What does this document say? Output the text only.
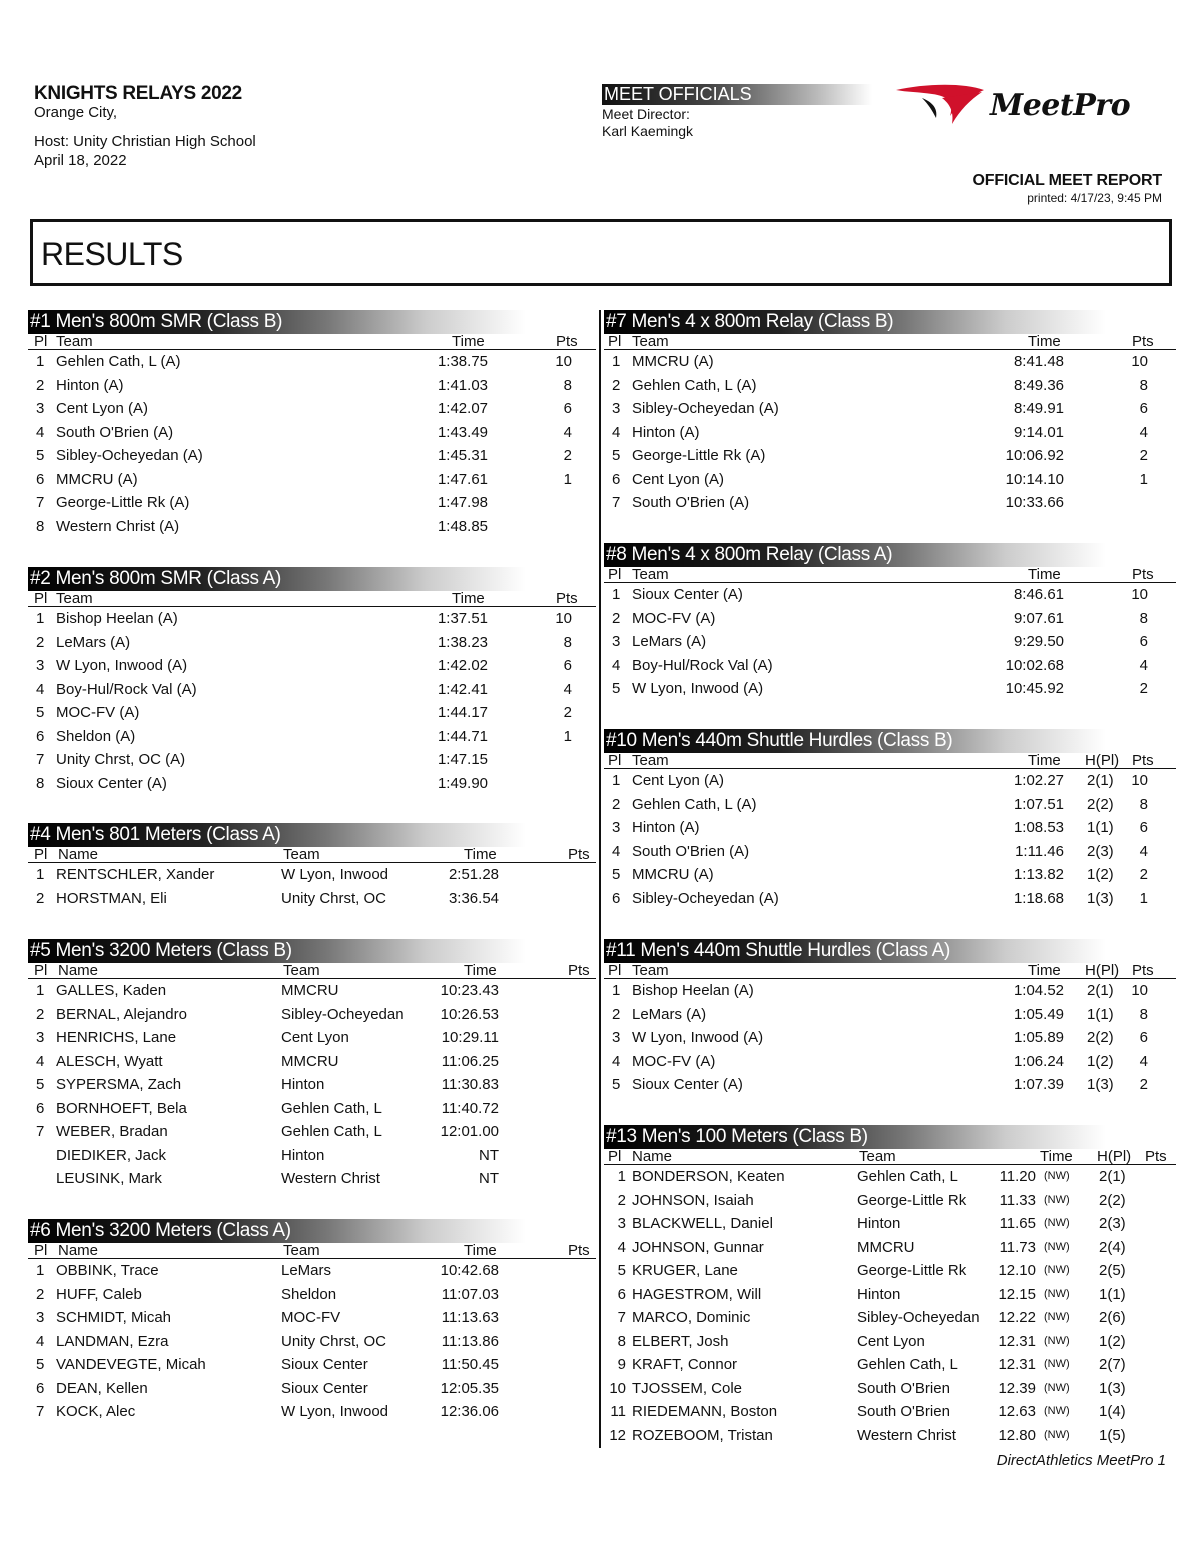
KNIGHTS RELAYS 2022
Orange City,
Host: Unity Christian High School
April 18, 2022
MEET OFFICIALS
Meet Director:
Karl Kaemingk
MeetPro
OFFICIAL MEET REPORT
printed: 4/17/23, 9:45 PM
RESULTS
#1 Men's 800m SMR (Class B)
Pl Team	Time	Pts
1 Gehlen Cath, L (A)	1:38.75	10
2 Hinton (A)	1:41.03	8
3 Cent Lyon (A)	1:42.07	6
4 South O'Brien (A)	1:43.49	4
5 Sibley-Ocheyedan (A)	1:45.31	2
6 MMCRU (A)	1:47.61	1
7 George-Little Rk (A)	1:47.98
8 Western Christ (A)	1:48.85
#2 Men's 800m SMR (Class A)
Pl Team	Time	Pts
1 Bishop Heelan (A)	1:37.51	10
2 LeMars (A)	1:38.23	8
3 W Lyon, Inwood (A)	1:42.02	6
4 Boy-Hul/Rock Val (A)	1:42.41	4
5 MOC-FV (A)	1:44.17	2
6 Sheldon (A)	1:44.71	1
7 Unity Chrst, OC (A)	1:47.15
8 Sioux Center (A)	1:49.90
#4 Men's 801 Meters (Class A)
Pl Name	Team	Time	Pts
1 RENTSCHLER, Xander	W Lyon, Inwood	2:51.28
2 HORSTMAN, Eli	Unity Chrst, OC	3:36.54
#5 Men's 3200 Meters (Class B)
Pl Name	Team	Time	Pts
1 GALLES, Kaden	MMCRU	10:23.43
2 BERNAL, Alejandro	Sibley-Ocheyedan	10:26.53
3 HENRICHS, Lane	Cent Lyon	10:29.11
4 ALESCH, Wyatt	MMCRU	11:06.25
5 SYPERSMA, Zach	Hinton	11:30.83
6 BORNHOEFT, Bela	Gehlen Cath, L	11:40.72
7 WEBER, Bradan	Gehlen Cath, L	12:01.00
DIEDIKER, Jack	Hinton	NT
LEUSINK, Mark	Western Christ	NT
#6 Men's 3200 Meters (Class A)
Pl Name	Team	Time	Pts
1 OBBINK, Trace	LeMars	10:42.68
2 HUFF, Caleb	Sheldon	11:07.03
3 SCHMIDT, Micah	MOC-FV	11:13.63
4 LANDMAN, Ezra	Unity Chrst, OC	11:13.86
5 VANDEVEGTE, Micah	Sioux Center	11:50.45
6 DEAN, Kellen	Sioux Center	12:05.35
7 KOCK, Alec	W Lyon, Inwood	12:36.06
#7 Men's 4 x 800m Relay (Class B)
Pl Team	Time	Pts
1 MMCRU (A)	8:41.48	10
2 Gehlen Cath, L (A)	8:49.36	8
3 Sibley-Ocheyedan (A)	8:49.91	6
4 Hinton (A)	9:14.01	4
5 George-Little Rk (A)	10:06.92	2
6 Cent Lyon (A)	10:14.10	1
7 South O'Brien (A)	10:33.66
#8 Men's 4 x 800m Relay (Class A)
Pl Team	Time	Pts
1 Sioux Center (A)	8:46.61	10
2 MOC-FV (A)	9:07.61	8
3 LeMars (A)	9:29.50	6
4 Boy-Hul/Rock Val (A)	10:02.68	4
5 W Lyon, Inwood (A)	10:45.92	2
#10 Men's 440m Shuttle Hurdles (Class B)
Pl Team	Time H(Pl) Pts
1 Cent Lyon (A)	1:02.27 2(1)	10
2 Gehlen Cath, L (A)	1:07.51 2(2)	8
3 Hinton (A)	1:08.53 1(1)	6
4 South O'Brien (A)	1:11.46 2(3)	4
5 MMCRU (A)	1:13.82 1(2)	2
6 Sibley-Ocheyedan (A)	1:18.68 1(3)	1
#11 Men's 440m Shuttle Hurdles (Class A)
Pl Team	Time H(Pl) Pts
1 Bishop Heelan (A)	1:04.52 2(1)	10
2 LeMars (A)	1:05.49 1(1)	8
3 W Lyon, Inwood (A)	1:05.89 2(2)	6
4 MOC-FV (A)	1:06.24 1(2)	4
5 Sioux Center (A)	1:07.39 1(3)	2
#13 Men's 100 Meters (Class B)
Pl Name	Team	Time H(Pl) Pts
1 BONDERSON, Keaten	Gehlen Cath, L	11.20 (NW) 2(1)
2 JOHNSON, Isaiah	George-Little Rk	11.33 (NW) 2(2)
3 BLACKWELL, Daniel	Hinton	11.65 (NW) 2(3)
4 JOHNSON, Gunnar	MMCRU	11.73 (NW) 2(4)
5 KRUGER, Lane	George-Little Rk	12.10 (NW) 2(5)
6 HAGESTROM, Will	Hinton	12.15 (NW) 1(1)
7 MARCO, Dominic	Sibley-Ocheyedan	12.22 (NW) 2(6)
8 ELBERT, Josh	Cent Lyon	12.31 (NW) 1(2)
9 KRAFT, Connor	Gehlen Cath, L	12.31 (NW) 2(7)
10 TJOSSEM, Cole	South O'Brien	12.39 (NW) 1(3)
11 RIEDEMANN, Boston	South O'Brien	12.63 (NW) 1(4)
12 ROZEBOOM, Tristan	Western Christ	12.80 (NW) 1(5)
DirectAthletics MeetPro 1
